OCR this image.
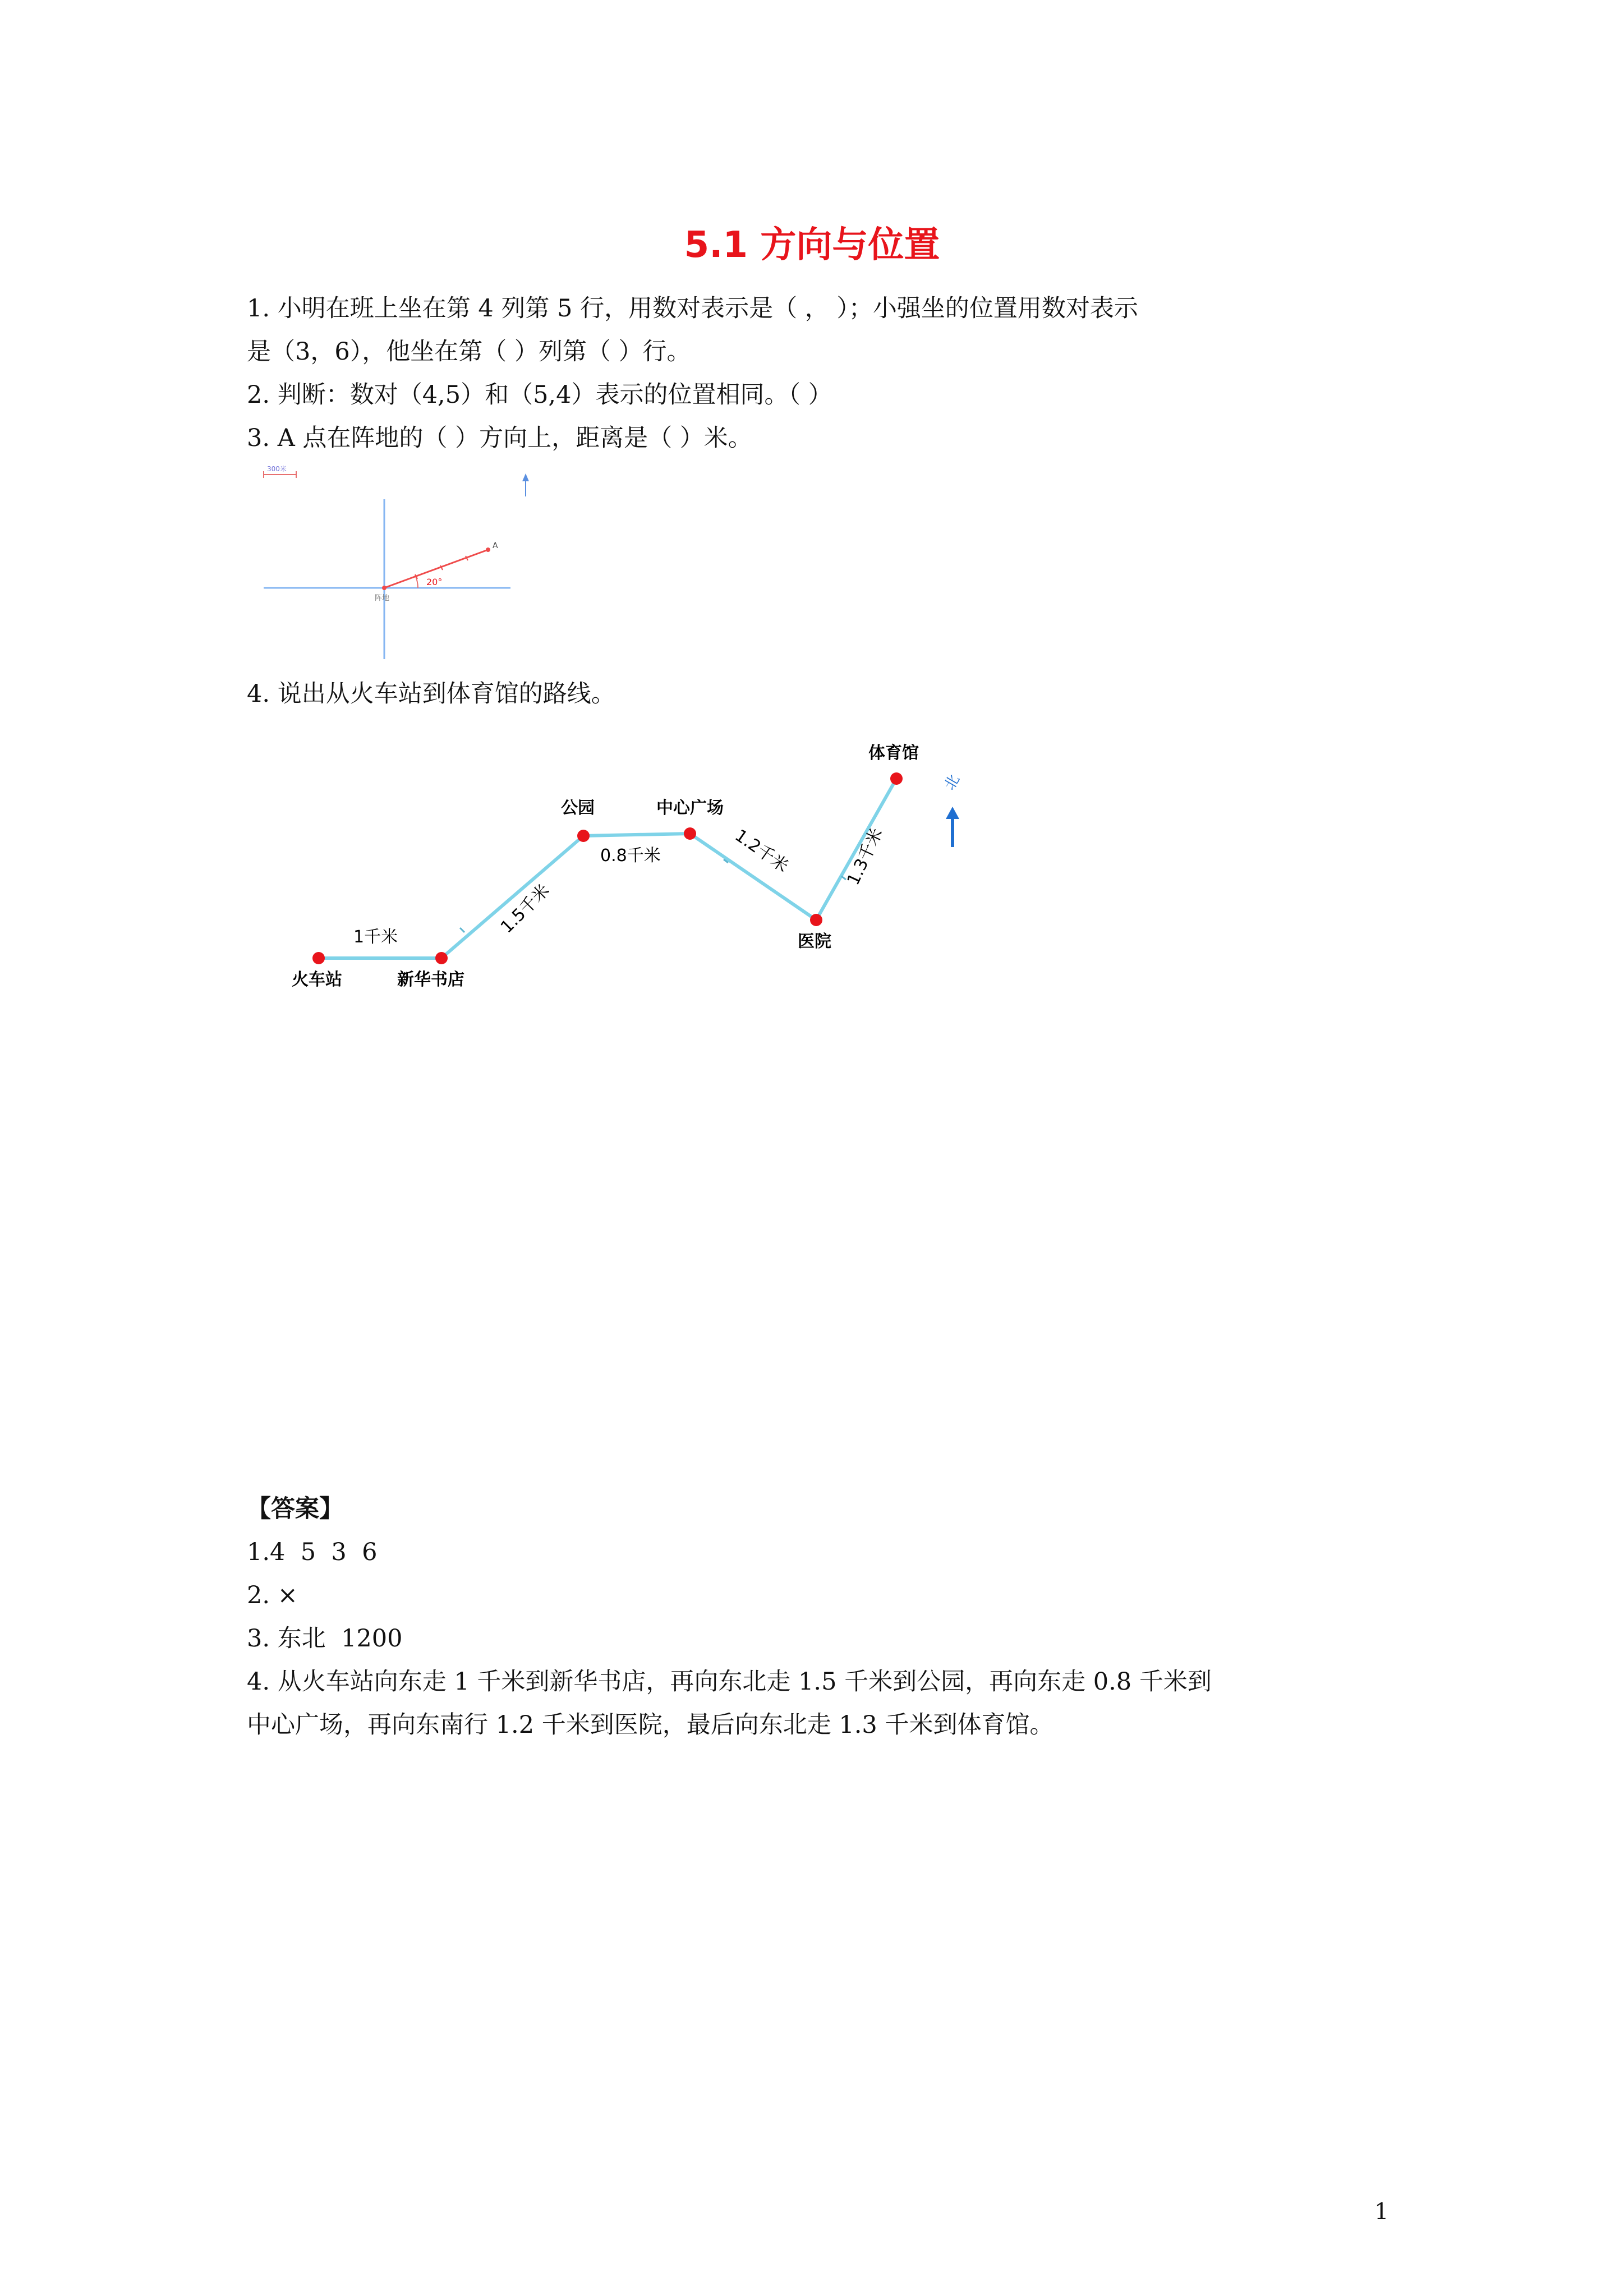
5.1 方向与位置
1. 小明在班上坐在第 4 列第 5 行，用数对表示是（ ， ）；小强坐的位置用数对表示
是（3，6），他坐在第（ ）列第（ ）行。
2. 判断：数对（4,5）和（5,4）表示的位置相同。（ ）
3. A 点在阵地的（ ）方向上，距离是（ ）米。
300米
20°
A
阵地
4. 说出从火车站到体育馆的路线。
火车站	新华书店
公园	中心广场
医院
体育馆
1千米	1.5千米
0.8千米	1.2千米	1.3千米
北
【答案】
1.4  5  3  6
2. ×
3. 东北  1200
4. 从火车站向东走 1 千米到新华书店，再向东北走 1.5 千米到公园，再向东走 0.8 千米到
中心广场，再向东南行 1.2 千米到医院，最后向东北走 1.3 千米到体育馆。
1
